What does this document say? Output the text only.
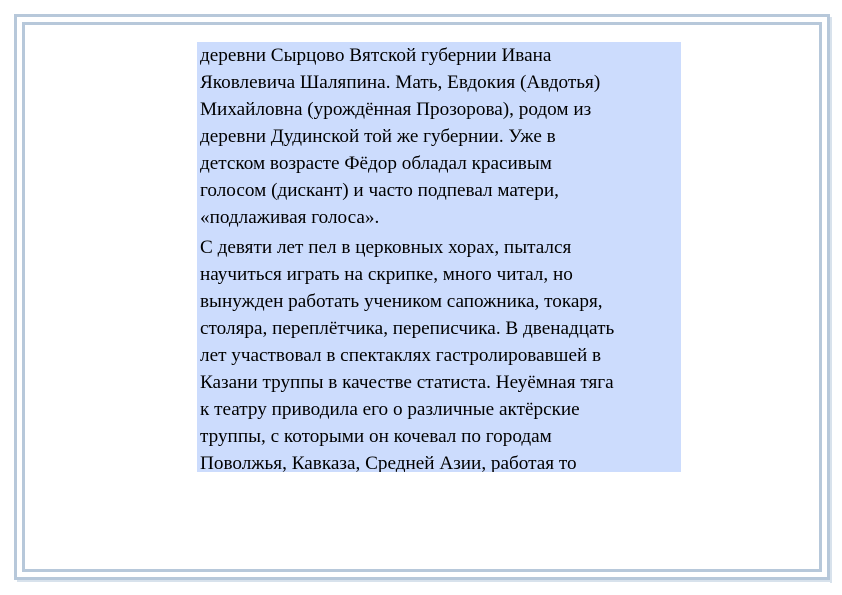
деревни Сырцово Вятской губернии Ивана
Яковлевича Шаляпина. Мать, Евдокия (Авдотья)
Михайловна (урождённая Прозорова), родом из
деревни Дудинской той же губернии. Уже в
детском возрасте Фёдор обладал красивым
голосом (дискант) и часто подпевал матери,
«подлаживая голоса».
С девяти лет пел в церковных хорах, пытался
научиться играть на скрипке, много читал, но
вынужден работать учеником сапожника, токаря,
столяра, переплётчика, переписчика. В двенадцать
лет участвовал в спектаклях гастролировавшей в
Казани труппы в качестве статиста. Неуёмная тяга
к театру приводила его о различные актёрские
труппы, с которыми он кочевал по городам
Поволжья, Кавказа, Средней Азии, работая то
